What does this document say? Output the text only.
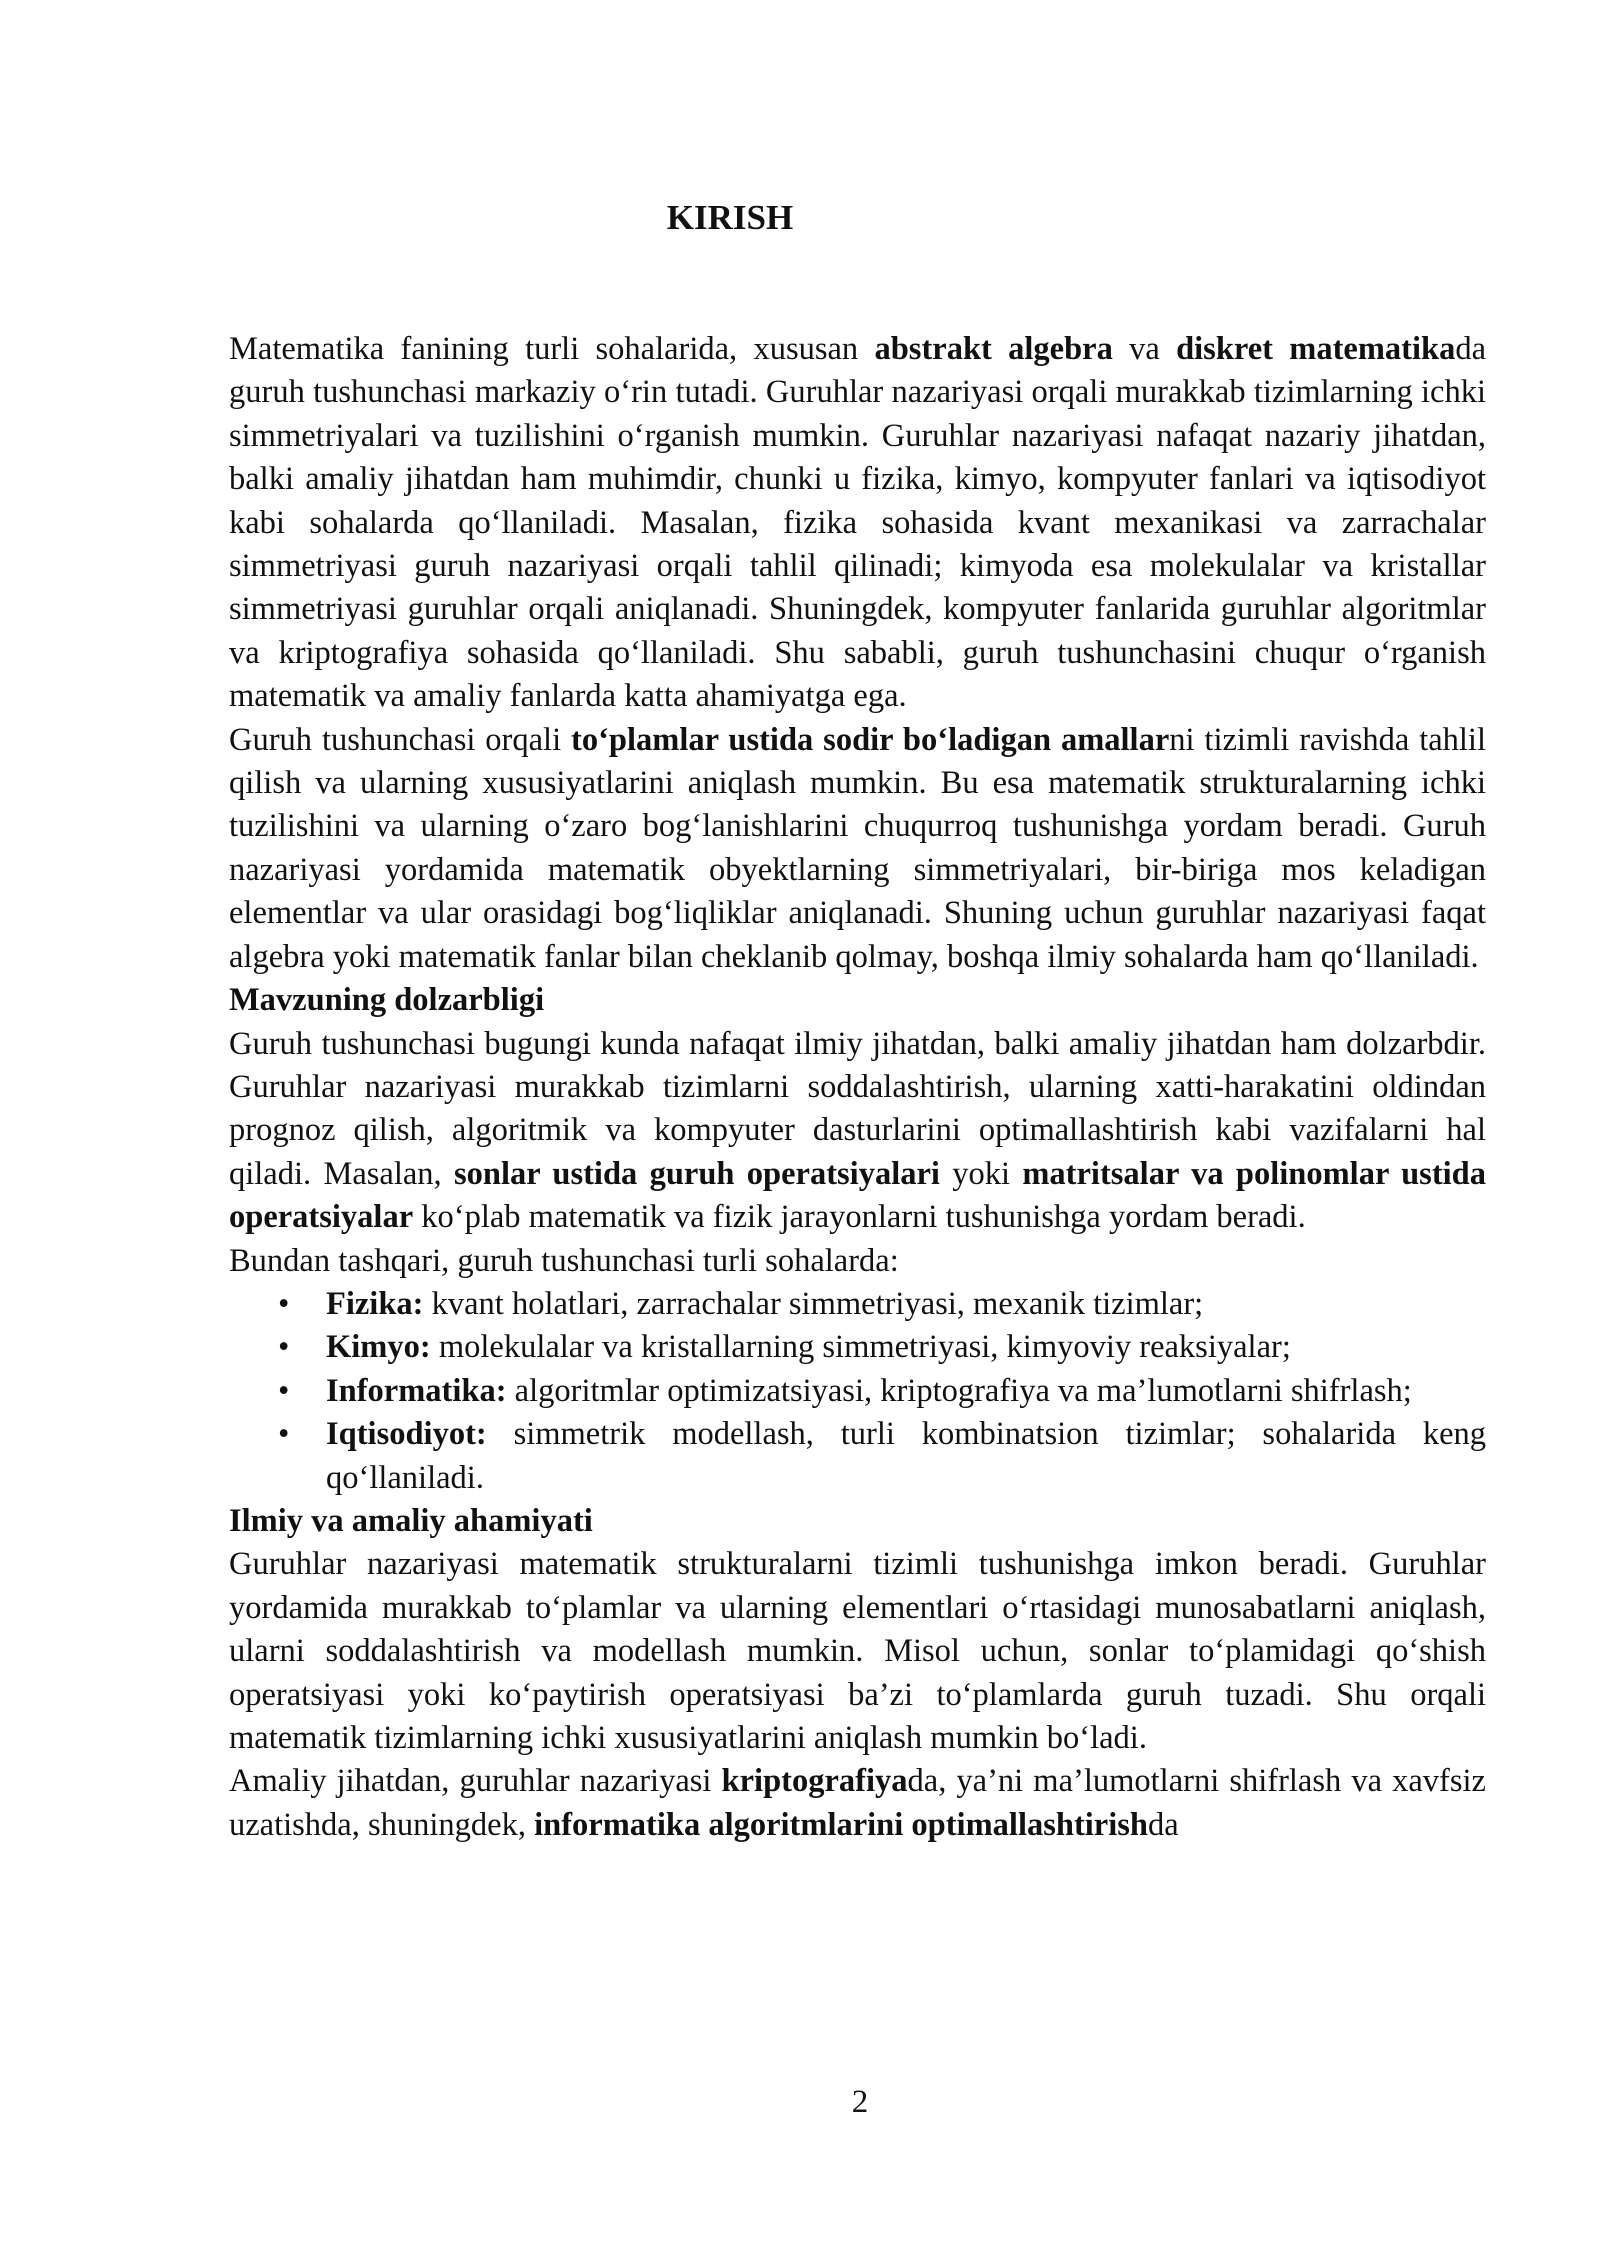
KIRISH

Matematika fanining turli sohalarida, xususan abstrakt algebra va diskret matematikada guruh tushunchasi markaziy o‘rin tutadi. Guruhlar nazariyasi orqali murakkab tizimlarning ichki simmetriyalari va tuzilishini o‘rganish mumkin. Guruhlar nazariyasi nafaqat nazariy jihatdan, balki amaliy jihatdan ham muhimdir, chunki u fizika, kimyo, kompyuter fanlari va iqtisodiyot kabi sohalarda qo‘llaniladi. Masalan, fizika sohasida kvant mexanikasi va zarrachalar simmetriyasi guruh nazariyasi orqali tahlil qilinadi; kimyoda esa molekulalar va kristallar simmetriyasi guruhlar orqali aniqlanadi. Shuningdek, kompyuter fanlarida guruhlar algoritmlar va kriptografiya sohasida qo‘llaniladi. Shu sababli, guruh tushunchasini chuqur o‘rganish matematik va amaliy fanlarda katta ahamiyatga ega.

Guruh tushunchasi orqali to‘plamlar ustida sodir bo‘ladigan amallarni tizimli ravishda tahlil qilish va ularning xususiyatlarini aniqlash mumkin. Bu esa matematik strukturalarning ichki tuzilishini va ularning o‘zaro bog‘lanishlarini chuqurroq tushunishga yordam beradi. Guruh nazariyasi yordamida matematik obyektlarning simmetriyalari, bir-biriga mos keladigan elementlar va ular orasidagi bog‘liqliklar aniqlanadi. Shuning uchun guruhlar nazariyasi faqat algebra yoki matematik fanlar bilan cheklanib qolmay, boshqa ilmiy sohalarda ham qo‘llaniladi.

Mavzuning dolzarbligi

Guruh tushunchasi bugungi kunda nafaqat ilmiy jihatdan, balki amaliy jihatdan ham dolzarbdir. Guruhlar nazariyasi murakkab tizimlarni soddalashtirish, ularning xatti-harakatini oldindan prognoz qilish, algoritmik va kompyuter dasturlarini optimallashtirish kabi vazifalarni hal qiladi. Masalan, sonlar ustida guruh operatsiyalari yoki matritsalar va polinomlar ustida operatsiyalar ko‘plab matematik va fizik jarayonlarni tushunishga yordam beradi.

Bundan tashqari, guruh tushunchasi turli sohalarda:

• Fizika: kvant holatlari, zarrachalar simmetriyasi, mexanik tizimlar;
• Kimyo: molekulalar va kristallarning simmetriyasi, kimyoviy reaksiyalar;
• Informatika: algoritmlar optimizatsiyasi, kriptografiya va ma’lumotlarni shifrlash;
• Iqtisodiyot: simmetrik modellash, turli kombinatsion tizimlar; sohalarida keng qo‘llaniladi.

Ilmiy va amaliy ahamiyati

Guruhlar nazariyasi matematik strukturalarni tizimli tushunishga imkon beradi. Guruhlar yordamida murakkab to‘plamlar va ularning elementlari o‘rtasidagi munosabatlarni aniqlash, ularni soddalashtirish va modellash mumkin. Misol uchun, sonlar to‘plamidagi qo‘shish operatsiyasi yoki ko‘paytirish operatsiyasi ba’zi to‘plamlarda guruh tuzadi. Shu orqali matematik tizimlarning ichki xususiyatlarini aniqlash mumkin bo‘ladi.

Amaliy jihatdan, guruhlar nazariyasi kriptografiyada, ya’ni ma’lumotlarni shifrlash va xavfsiz uzatishda, shuningdek, informatika algoritmlarini optimallashtirishda

2
